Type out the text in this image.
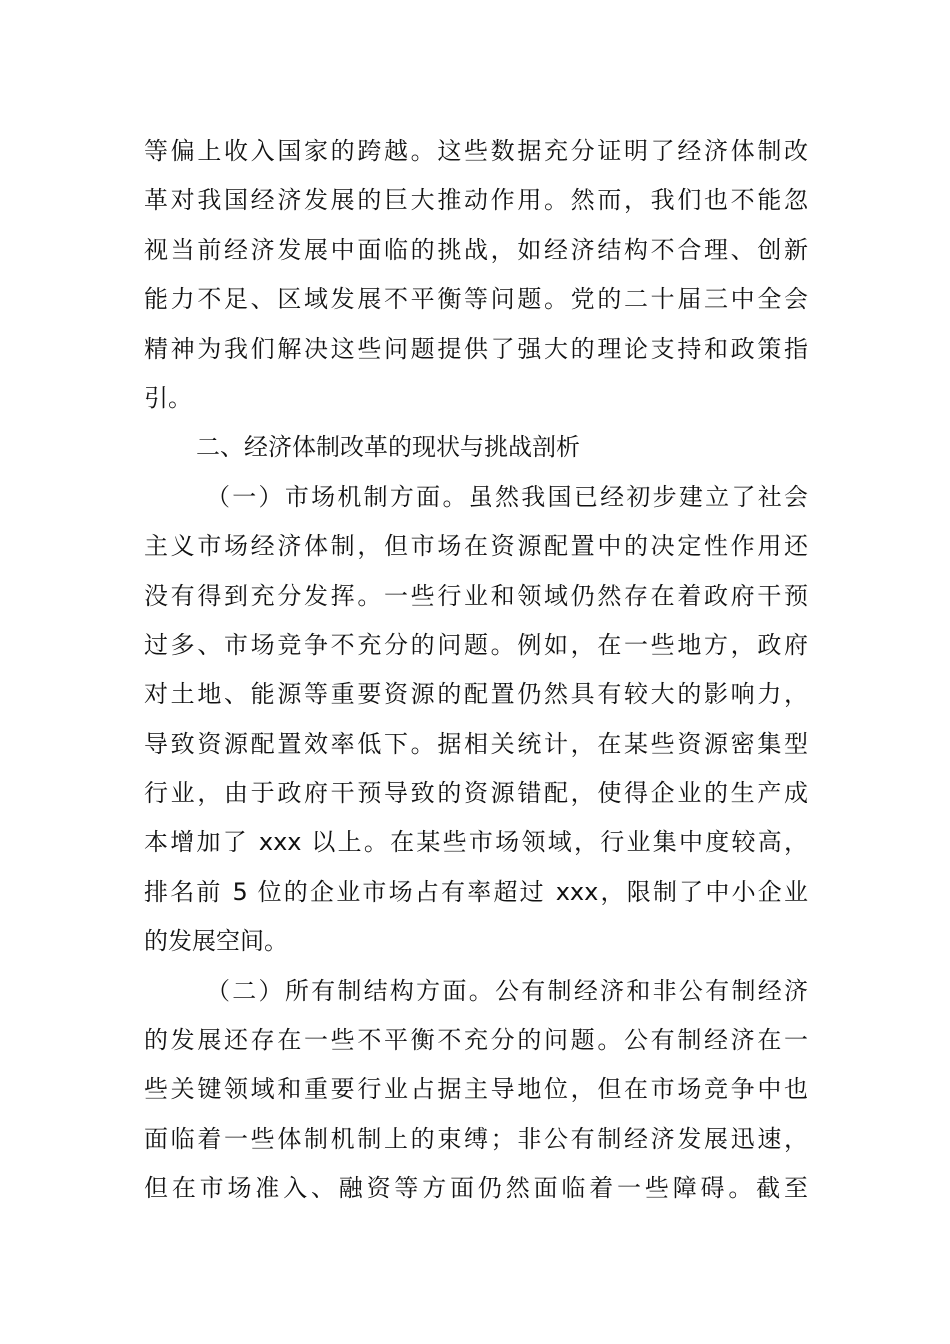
等偏上收入国家的跨越。这些数据充分证明了经济体制改
革对我国经济发展的巨大推动作用。然而，我们也不能忽
视当前经济发展中面临的挑战，如经济结构不合理、创新
能力不足、区域发展不平衡等问题。党的二十届三中全会
精神为我们解决这些问题提供了强大的理论支持和政策指
引。
二、经济体制改革的现状与挑战剖析
（一）市场机制方面。虽然我国已经初步建立了社会
主义市场经济体制，但市场在资源配置中的决定性作用还
没有得到充分发挥。一些行业和领域仍然存在着政府干预
过多、市场竞争不充分的问题。例如，在一些地方，政府
对土地、能源等重要资源的配置仍然具有较大的影响力，
导致资源配置效率低下。据相关统计，在某些资源密集型
行业，由于政府干预导致的资源错配，使得企业的生产成
本增加了 xxx 以上。在某些市场领域，行业集中度较高，
排名前 5 位的企业市场占有率超过 xxx，限制了中小企业
的发展空间。
（二）所有制结构方面。公有制经济和非公有制经济
的发展还存在一些不平衡不充分的问题。公有制经济在一
些关键领域和重要行业占据主导地位，但在市场竞争中也
面临着一些体制机制上的束缚；非公有制经济发展迅速，
但在市场准入、融资等方面仍然面临着一些障碍。截至
